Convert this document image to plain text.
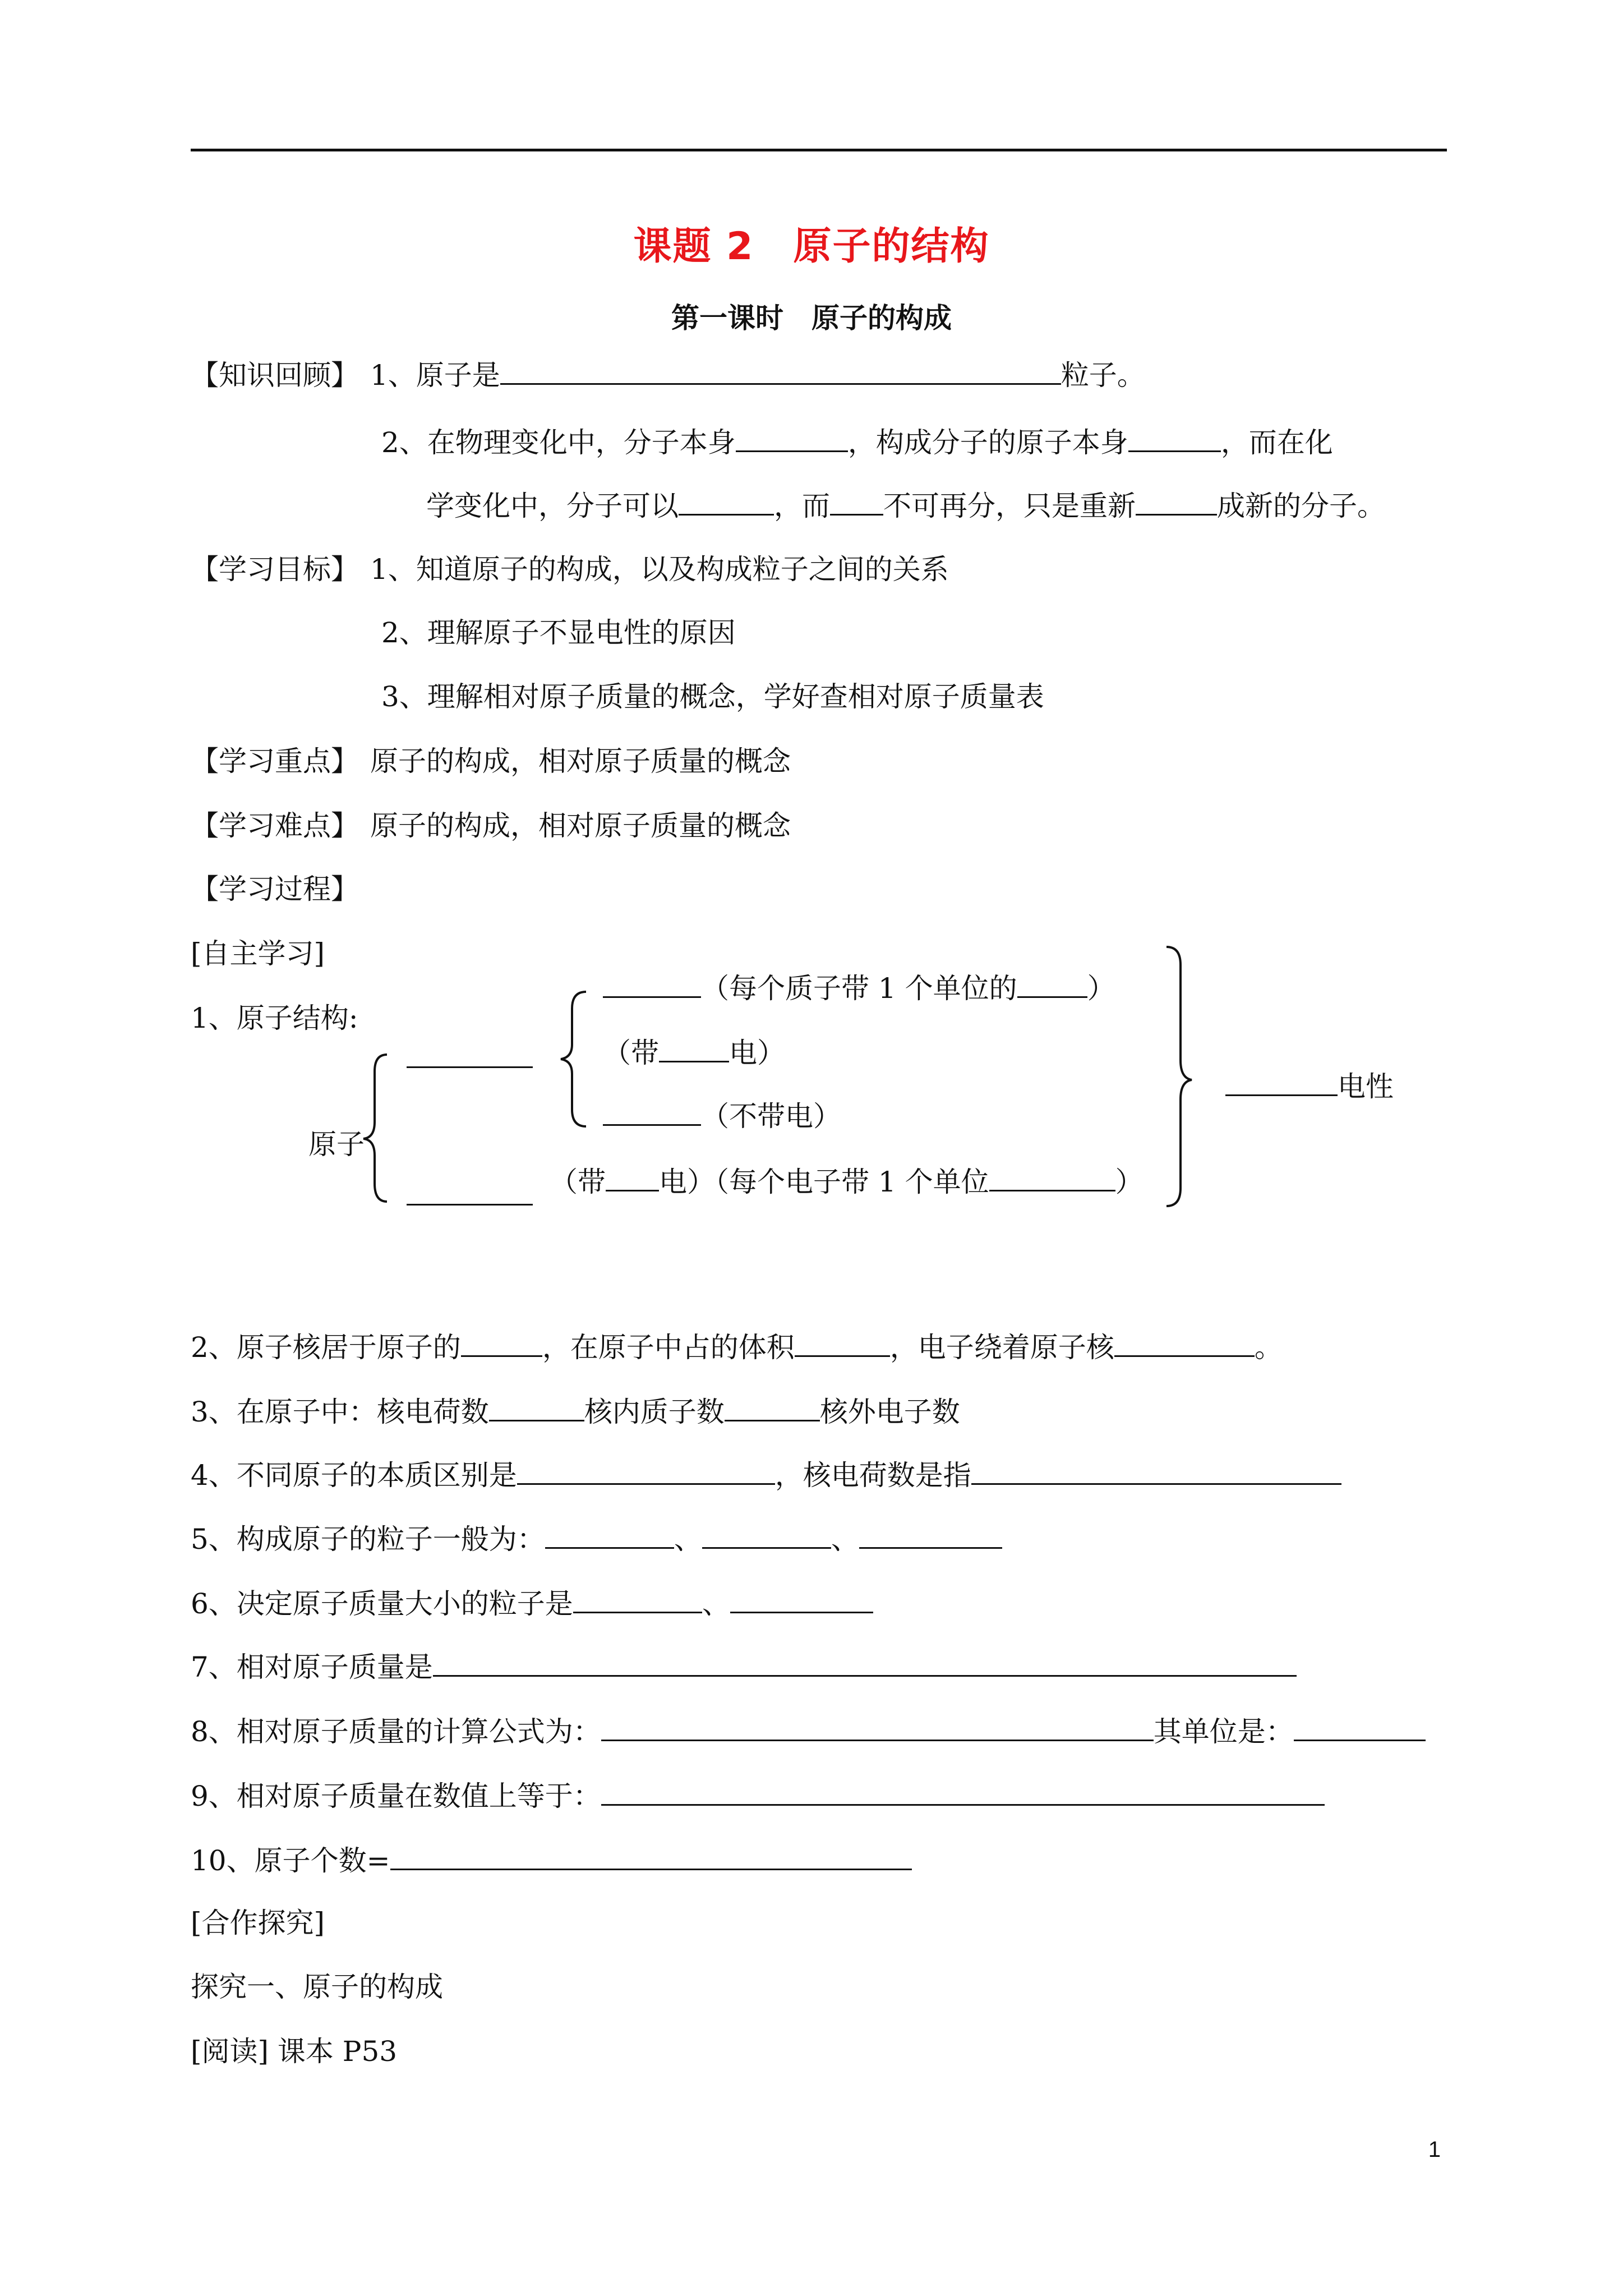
课题 2　原子的结构
第一课时　原子的构成
【知识回顾】 1、原子是	粒子。
2、在物理变化中，分子本身	，构成分子的原子本身	，而在化
学变化中，分子可以	，而 不可再分，只是重新	成新的分子。
【学习目标】 1、知道原子的构成，以及构成粒子之间的关系
2、理解原子不显电性的原因
3、理解相对原子质量的概念，学好查相对原子质量表
【学习重点】 原子的构成，相对原子质量的概念
【学习难点】 原子的构成，相对原子质量的概念
【学习过程】
[自主学习]
1、原子结构:
原子
（每个质子带 1 个单位的	）
（带	电）
（不带电）
（带 电）（每个电子带 1 个单位	）
电性
2、原子核居于原子的	，在原子中占的体积	，电子绕着原子核	。
3、在原子中：核电荷数	核内质子数	核外电子数
4、不同原子的本质区别是	，核电荷数是指
5、构成原子的粒子一般为：	、	、
6、决定原子质量大小的粒子是	、
7、相对原子质量是
8、相对原子质量的计算公式为：	其单位是：
9、相对原子质量在数值上等于：
10、原子个数=
[合作探究]
探究一、原子的构成
[阅读] 课本 P53
1
